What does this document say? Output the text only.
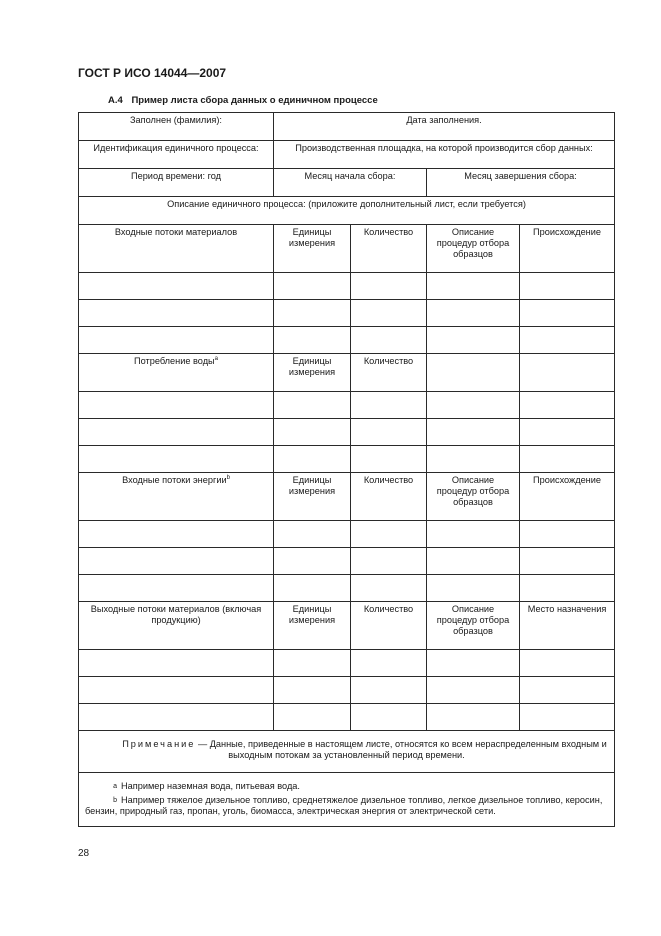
ГОСТ Р ИСО 14044—2007
А.4 Пример листа сбора данных о единичном процессе
Заполнен (фамилия):	Дата заполнения.			
Идентификация единичного процесса:	Производственная площадка, на которой производится сбор данных:			
Период времени: год	Месяц начала сбора:		Месяц завершения сбора:	
Описание единичного процесса: (приложите дополнительный лист, если требуется)				
Входные потоки материалов	Единицы измерения	Количество	Описание процедур отбора образцов	Происхождение

Потребление воды$^a$	Единицы измерения	Количество		

Входные потоки энергии$^b$	Единицы измерения	Количество	Описание процедур отбора образцов	Происхождение

Выходные потоки материалов (включая продукцию)	Единицы измерения	Количество	Описание процедур отбора образцов	Место назначения

Примечание — Данные, приведенные в настоящем листе, относятся ко всем нераспределенным входным и выходным потокам за установленный период времени.				

a Например наземная вода, питьевая вода.
b Например тяжелое дизельное топливо, среднетяжелое дизельное топливо, легкое дизельное топливо, керосин, бензин, природный газ, пропан, уголь, биомасса, электрическая энергия от электрической сети.				
28
